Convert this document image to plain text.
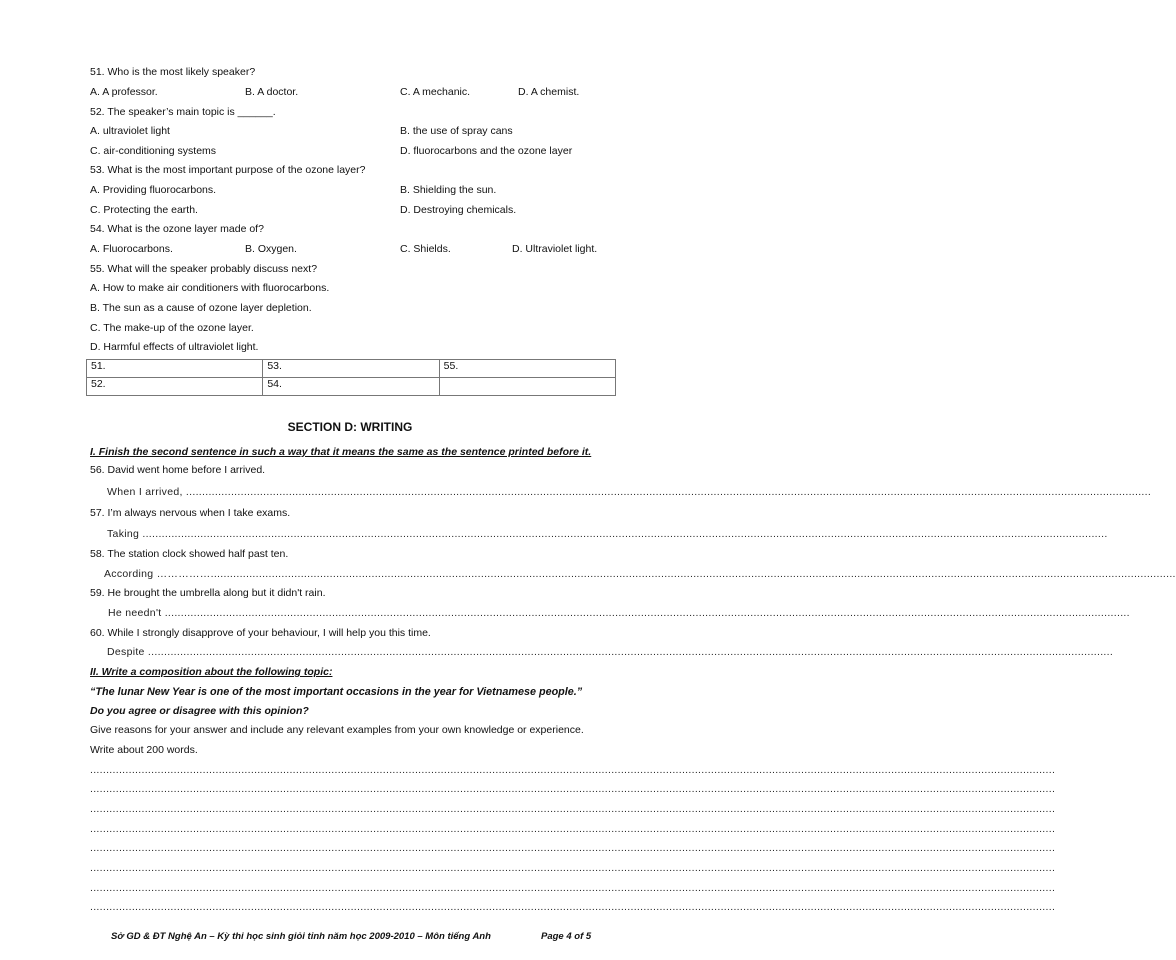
51. Who is the most likely speaker?
A. A professor.	B. A doctor.	C. A mechanic.	D. A chemist.
52. The speaker’s main topic is ______.
A. ultraviolet light	B. the use of spray cans
C. air-conditioning systems	D. fluorocarbons and the ozone layer
53. What is the most important purpose of the ozone layer?
A. Providing fluorocarbons.	B. Shielding the sun.
C. Protecting the earth.	D. Destroying chemicals.
54. What is the ozone layer made of?
A. Fluorocarbons.	B. Oxygen.	C. Shields.	D. Ultraviolet light.
55. What will the speaker probably discuss next?
A. How to make air conditioners with fluorocarbons.
B. The sun as a cause of ozone layer depletion.
C. The make-up of the ozone layer.
D. Harmful effects of ultraviolet light.
51.	53.	55.
52.	54.	
SECTION D: WRITING
I. Finish the second sentence in such a way that it means the same as the sentence printed before it.
56. David went home before I arrived.
When I arrived, ............................................................................................................................................................................................................................................................................................................
57. I’m always nervous when I take exams.
Taking ............................................................................................................................................................................................................................................................................................................
58. The station clock showed half past ten.
According ……………............................................................................................................................................................................................................................................................................................................
59. He brought the umbrella along but it didn't rain.
He needn't ............................................................................................................................................................................................................................................................................................................
60. While I strongly disapprove of your behaviour, I will help you this time.
Despite ............................................................................................................................................................................................................................................................................................................
II. Write a composition about the following topic:
“The lunar New Year is one of the most important occasions in the year for Vietnamese people.”
Do you agree or disagree with this opinion?
Give reasons for your answer and include any relevant examples from your own knowledge or experience.
Write about 200 words.
............................................................................................................................................................................................................................................................................................................
............................................................................................................................................................................................................................................................................................................
............................................................................................................................................................................................................................................................................................................
............................................................................................................................................................................................................................................................................................................
............................................................................................................................................................................................................................................................................................................
............................................................................................................................................................................................................................................................................................................
............................................................................................................................................................................................................................................................................................................
............................................................................................................................................................................................................................................................................................................
Sở GD & ĐT Nghệ An – Kỳ thi học sinh giỏi tỉnh năm học 2009-2010 – Môn tiếng Anh	Page 4 of 5
